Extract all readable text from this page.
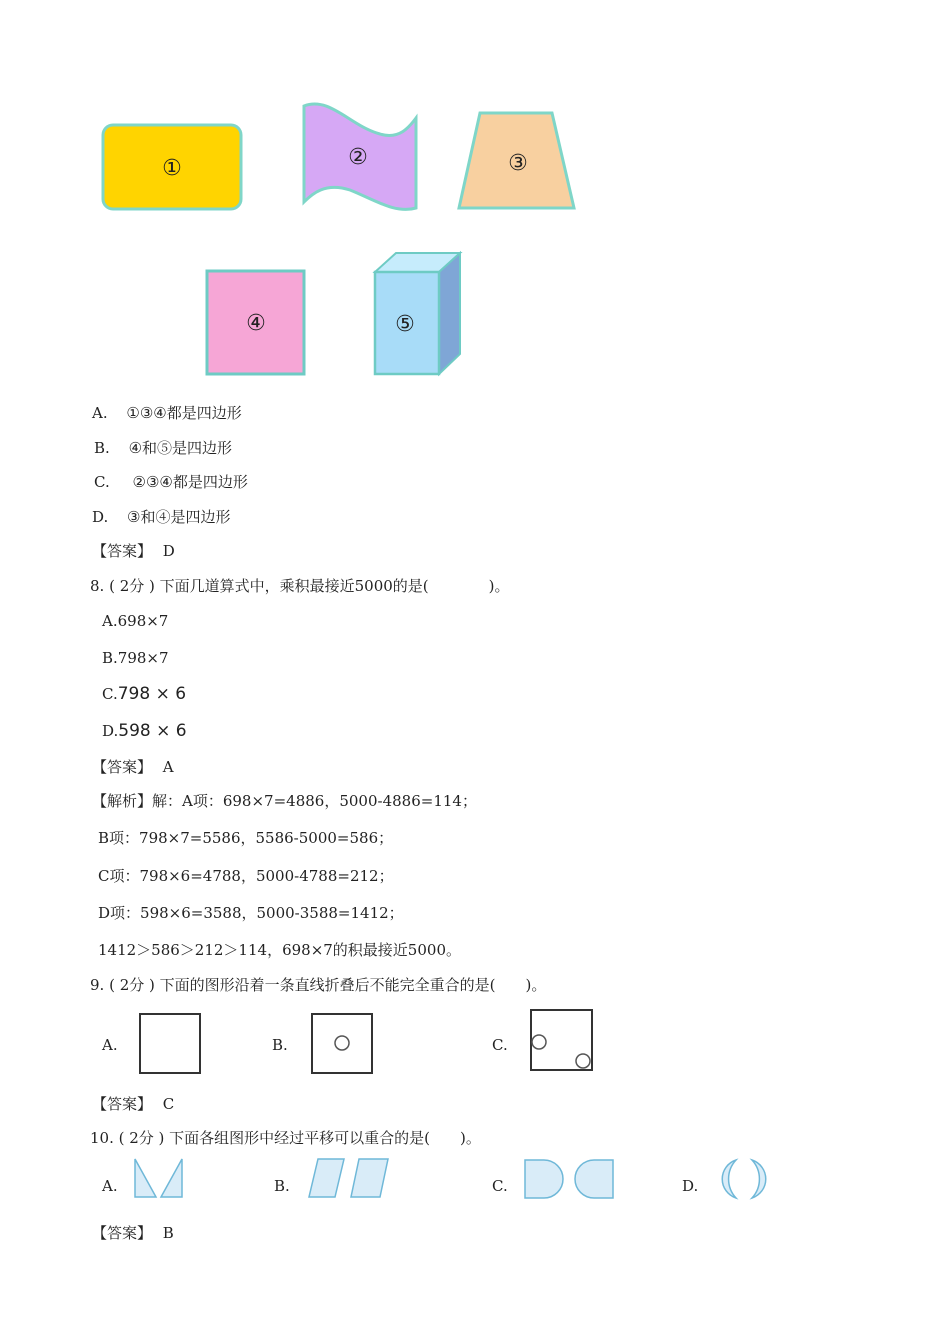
①	②	③
④	⑤
A. ①③④都是四边形
B. ④和⑤是四边形
C. ②③④都是四边形
D. ③和④是四边形
【答案】 D
8. ( 2分 ) 下面几道算式中，乘积最接近5000的是(　　　　)。
A.698×7
B.798×7
C.798 × 6
D.598 × 6
【答案】 A
【解析】解：A项：698×7=4886，5000-4886=114；
B项：798×7=5586，5586-5000=586；
C项：798×6=4788，5000-4788=212；
D项：598×6=3588，5000-3588=1412；
1412＞586＞212＞114，698×7的积最接近5000。
9. ( 2分 ) 下面的图形沿着一条直线折叠后不能完全重合的是(　　)。
A.	B.	C.
【答案】 C
10. ( 2分 ) 下面各组图形中经过平移可以重合的是(　　)。
A.	B.	C.	D.
【答案】 B
